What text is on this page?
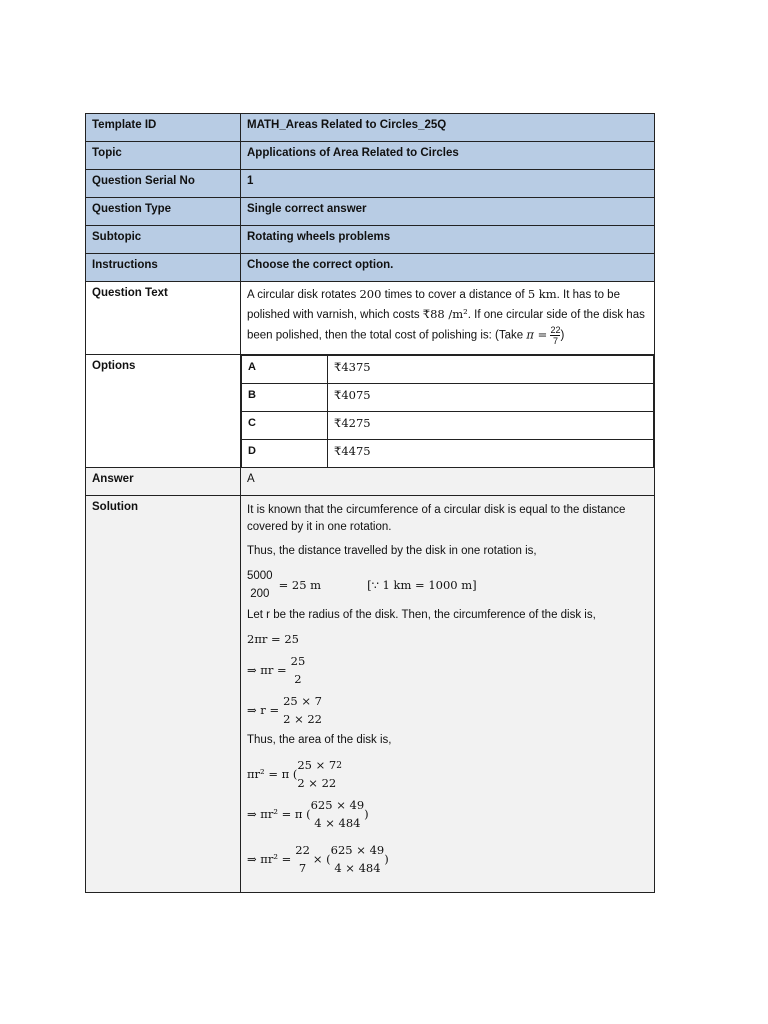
Template ID	MATH_Areas Related to Circles_25Q
Topic	Applications of Area Related to Circles
Question Serial No	1
Question Type	Single correct answer
Subtopic	Rotating wheels problems
Instructions	Choose the correct option.
Question Text	A circular disk rotates 200 times to cover a distance of 5 km. It has to be polished with varnish, which costs ₹88 /m². If one circular side of the disk has been polished, then the total cost of polishing is: (Take $\pi = \frac{22}{7}$ )
Options		A	₹4375
B	₹4075
C	₹4275
D	₹4475

Answer	A
Solution	It is known that the circumference of a circular disk is equal to the distance covered by it in one rotation.

Thus, the distance travelled by the disk in one rotation is,

5000
200
= 25 m	[∵ 1 km = 1000 m]

Let r be the radius of the disk. Then, the circumference of the disk is,

2πr = 25
⇒ πr =
25
2
⇒ r =
25 × 7
2 × 22

Thus, the area of the disk is,

πr² = π (
25 × 7
2 × 22
2
⇒ πr² = π (
625 × 49
4 × 484
)
⇒ πr² =
22
7
× (
625 × 49
4 × 484
)
